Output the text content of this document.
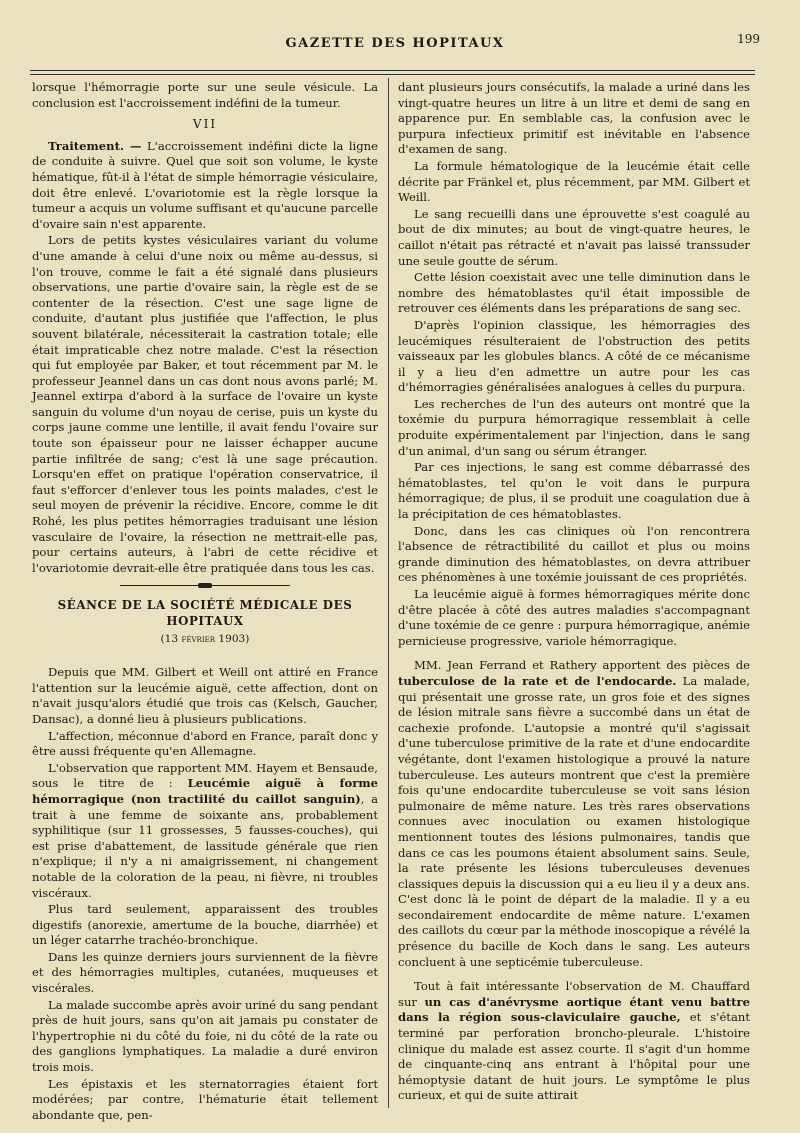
GAZETTE DES HOPITAUX	199

lorsque l'hémorragie porte sur une seule vésicule. La conclusion est l'accroissement indéfini de la tumeur.

VII

Traitement. — L'accroissement indéfini dicte la ligne de conduite à suivre. Quel que soit son volume, le kyste hématique, fût-il à l'état de simple hémorragie vésiculaire, doit être enlevé. L'ovariotomie est la règle lorsque la tumeur a acquis un volume suffisant et qu'aucune parcelle d'ovaire sain n'est apparente.

Lors de petits kystes vésiculaires variant du volume d'une amande à celui d'une noix ou même au-dessus, si l'on trouve, comme le fait a été signalé dans plusieurs observations, une partie d'ovaire sain, la règle est de se contenter de la résection. C'est une sage ligne de conduite, d'autant plus justifiée que l'affection, le plus souvent bilatérale, nécessiterait la castration totale; elle était impraticable chez notre malade. C'est la résection qui fut employée par Baker, et tout récemment par M. le professeur Jeannel dans un cas dont nous avons parlé; M. Jeannel extirpa d'abord à la surface de l'ovaire un kyste sanguin du volume d'un noyau de cerise, puis un kyste du corps jaune comme une lentille, il avait fendu l'ovaire sur toute son épaisseur pour ne laisser échapper aucune partie infiltrée de sang; c'est là une sage précaution. Lorsqu'en effet on pratique l'opération conservatrice, il faut s'efforcer d'enlever tous les points malades, c'est le seul moyen de prévenir la récidive. Encore, comme le dit Rohé, les plus petites hémorragies traduisant une lésion vasculaire de l'ovaire, la résection ne mettrait-elle pas, pour certains auteurs, à l'abri de cette récidive et l'ovariotomie devrait-elle être pratiquée dans tous les cas.

SÉANCE DE LA SOCIÉTÉ MÉDICALE DES HOPITAUX
(13 février 1903)

Depuis que MM. Gilbert et Weill ont attiré en France l'attention sur la leucémie aiguë, cette affection, dont on n'avait jusqu'alors étudié que trois cas (Kelsch, Gaucher, Dansac), a donné lieu à plusieurs publications.

L'affection, méconnue d'abord en France, paraît donc y être aussi fréquente qu'en Allemagne.

L'observation que rapportent MM. Hayem et Bensaude, sous le titre de : Leucémie aiguë à forme hémorragique (non tractilité du caillot sanguin), a trait à une femme de soixante ans, probablement syphilitique (sur 11 grossesses, 5 fausses-couches), qui est prise d'abattement, de lassitude générale que rien n'explique; il n'y a ni amaigrissement, ni changement notable de la coloration de la peau, ni fièvre, ni troubles viscéraux.

Plus tard seulement, apparaissent des troubles digestifs (anorexie, amertume de la bouche, diarrhée) et un léger catarrhe trachéo-bronchique.

Dans les quinze derniers jours surviennent de la fièvre et des hémorragies multiples, cutanées, muqueuses et viscérales.

La malade succombe après avoir uriné du sang pendant près de huit jours, sans qu'on ait jamais pu constater de l'hypertrophie ni du côté du foie, ni du côté de la rate ou des ganglions lymphatiques. La maladie a duré environ trois mois.

Les épistaxis et les sternatorragies étaient fort modérées; par contre, l'hématurie était tellement abondante que, pen-

dant plusieurs jours consécutifs, la malade a uriné dans les vingt-quatre heures un litre à un litre et demi de sang en apparence pur. En semblable cas, la confusion avec le purpura infectieux primitif est inévitable en l'absence d'examen de sang.

La formule hématologique de la leucémie était celle décrite par Fränkel et, plus récemment, par MM. Gilbert et Weill.

Le sang recueilli dans une éprouvette s'est coagulé au bout de dix minutes; au bout de vingt-quatre heures, le caillot n'était pas rétracté et n'avait pas laissé transsuder une seule goutte de sérum.

Cette lésion coexistait avec une telle diminution dans le nombre des hématoblastes qu'il était impossible de retrouver ces éléments dans les préparations de sang sec.

D'après l'opinion classique, les hémorragies des leucémiques résulteraient de l'obstruction des petits vaisseaux par les globules blancs. A côté de ce mécanisme il y a lieu d'en admettre un autre pour les cas d'hémorragies généralisées analogues à celles du purpura.

Les recherches de l'un des auteurs ont montré que la toxémie du purpura hémorragique ressemblait à celle produite expérimentalement par l'injection, dans le sang d'un animal, d'un sang ou sérum étranger.

Par ces injections, le sang est comme débarrassé des hématoblastes, tel qu'on le voit dans le purpura hémorragique; de plus, il se produit une coagulation due à la précipitation de ces hématoblastes.

Donc, dans les cas cliniques où l'on rencontrera l'absence de rétractibilité du caillot et plus ou moins grande diminution des hématoblastes, on devra attribuer ces phénomènes à une toxémie jouissant de ces propriétés.

La leucémie aiguë à formes hémorragiques mérite donc d'être placée à côté des autres maladies s'accompagnant d'une toxémie de ce genre : purpura hémorragique, anémie pernicieuse progressive, variole hémorragique.

MM. Jean Ferrand et Rathery apportent des pièces de tuberculose de la rate et de l'endocarde. La malade, qui présentait une grosse rate, un gros foie et des signes de lésion mitrale sans fièvre a succombé dans un état de cachexie profonde. L'autopsie a montré qu'il s'agissait d'une tuberculose primitive de la rate et d'une endocardite végétante, dont l'examen histologique a prouvé la nature tuberculeuse. Les auteurs montrent que c'est la première fois qu'une endocardite tuberculeuse se voit sans lésion pulmonaire de même nature. Les très rares observations connues avec inoculation ou examen histologique mentionnent toutes des lésions pulmonaires, tandis que dans ce cas les poumons étaient absolument sains. Seule, la rate présente les lésions tuberculeuses devenues classiques depuis la discussion qui a eu lieu il y a deux ans. C'est donc là le point de départ de la maladie. Il y a eu secondairement endocardite de même nature. L'examen des caillots du cœur par la méthode inoscopique a révélé la présence du bacille de Koch dans le sang. Les auteurs concluent à une septicémie tuberculeuse.

Tout à fait intéressante l'observation de M. Chauffard sur un cas d'anévrysme aortique étant venu battre dans la région sous-claviculaire gauche, et s'étant terminé par perforation broncho-pleurale. L'histoire clinique du malade est assez courte. Il s'agit d'un homme de cinquante-cinq ans entrant à l'hôpital pour une hémoptysie datant de huit jours. Le symptôme le plus curieux, et qui de suite attirait
